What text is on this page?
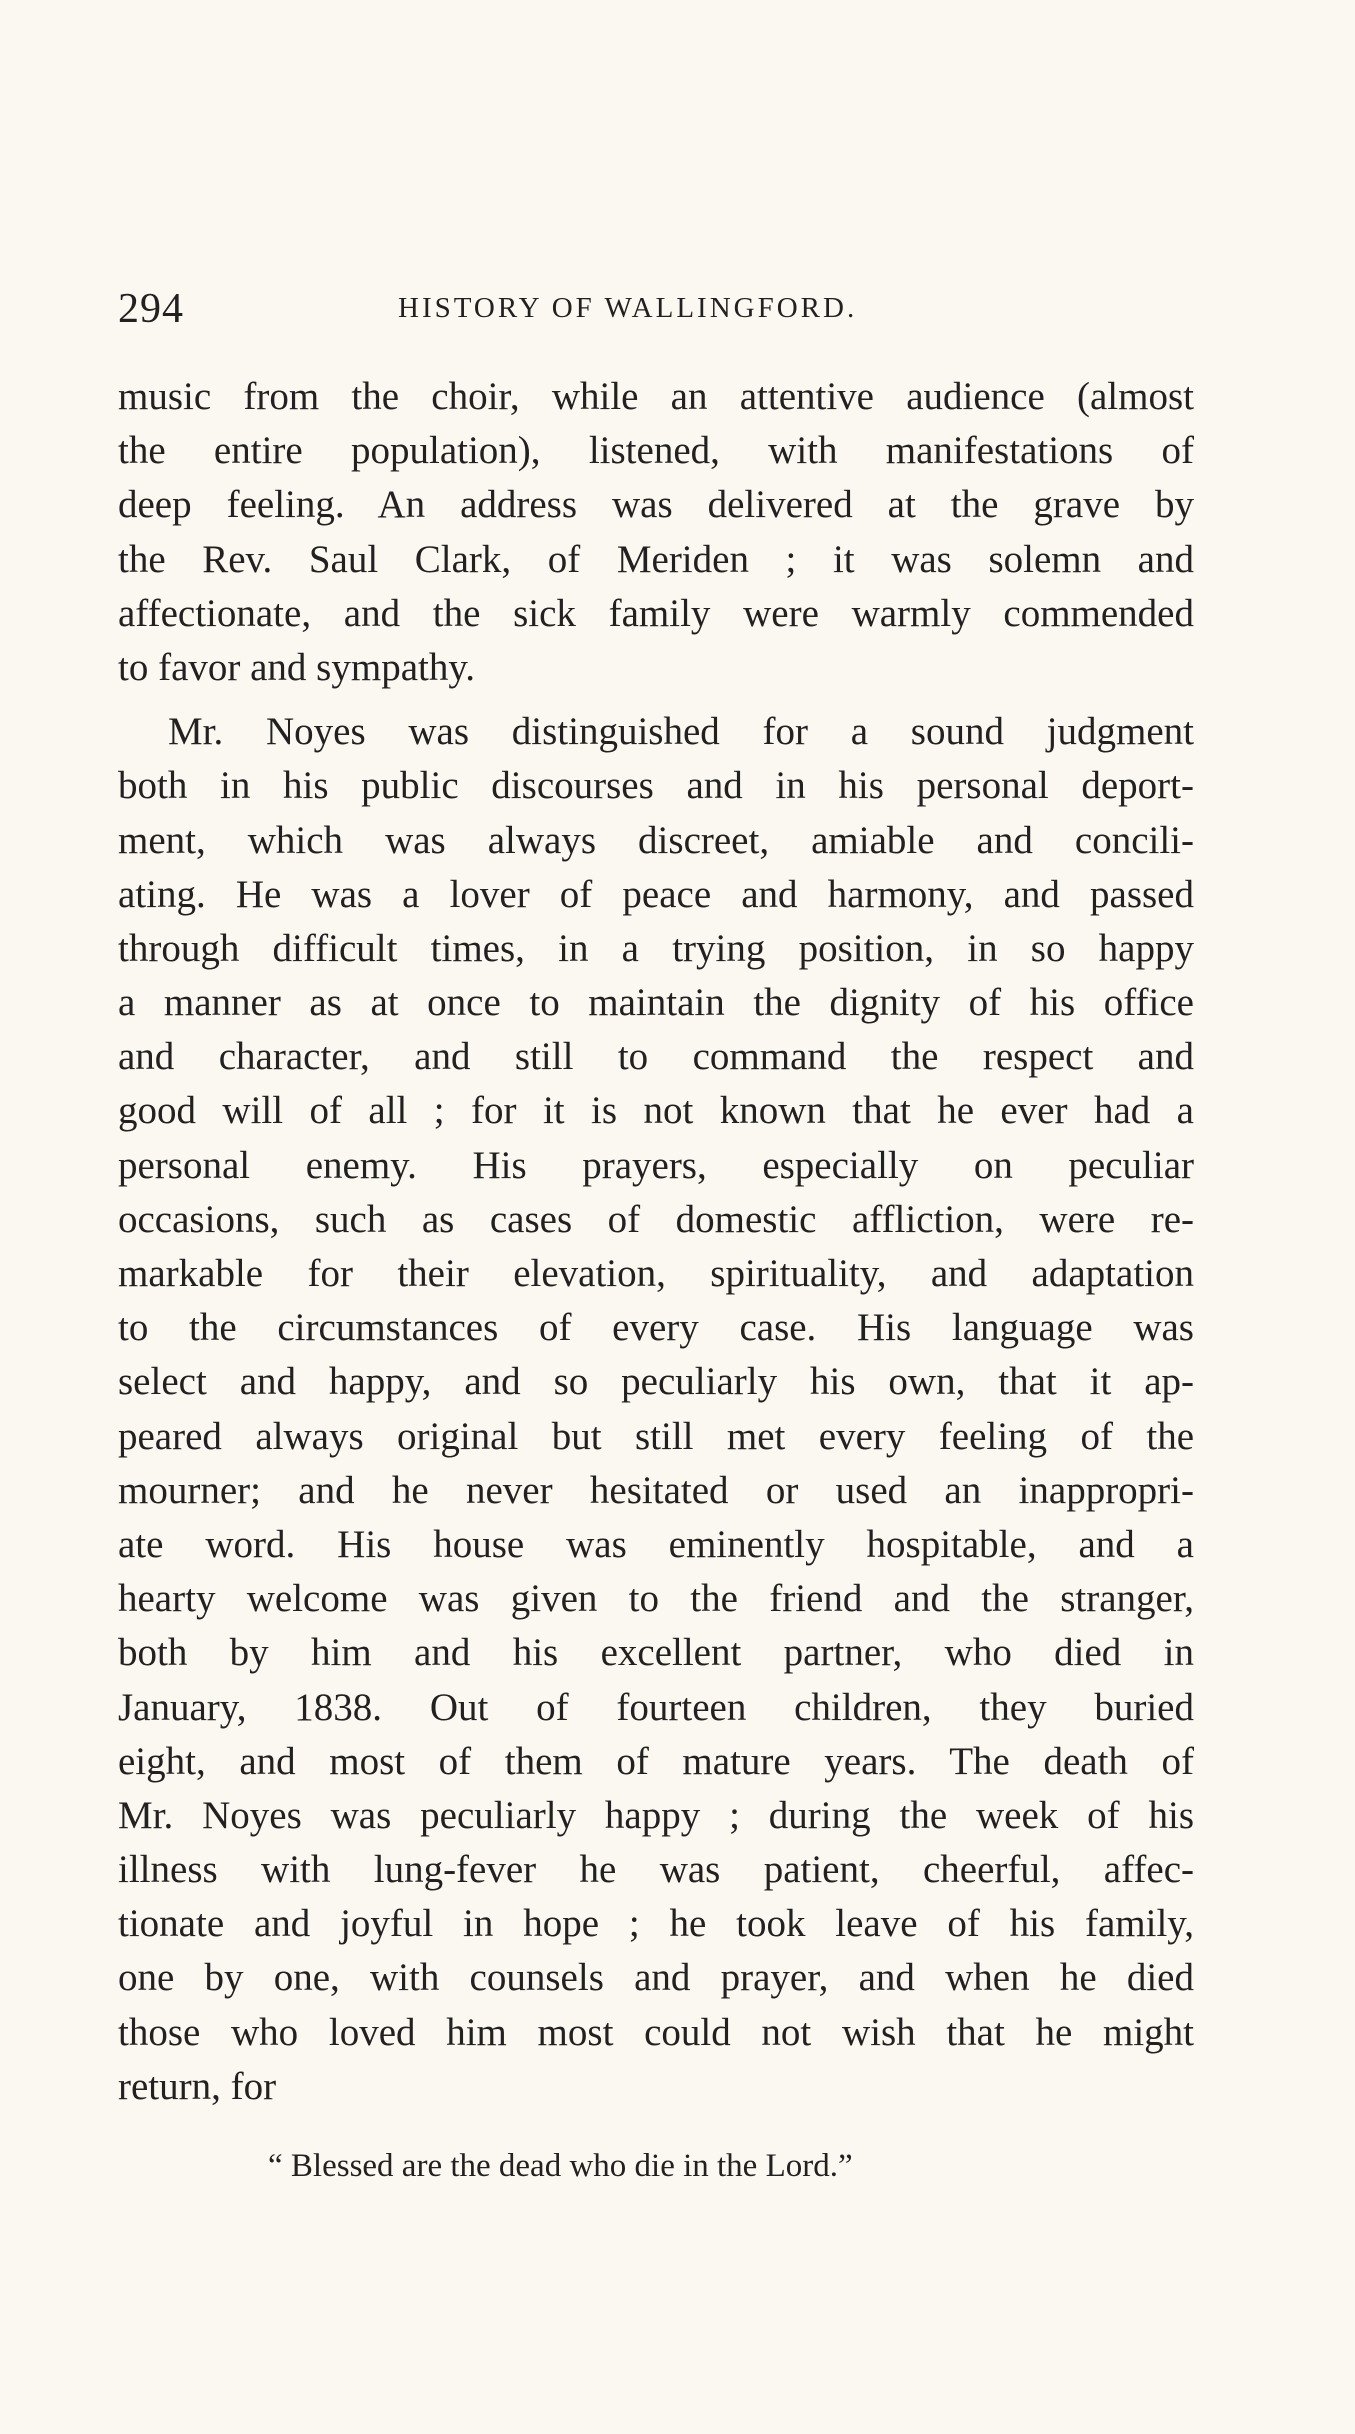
294	HISTORY OF WALLINGFORD.
music from the choir, while an attentive audience (almost
the entire population), listened, with manifestations of
deep feeling. An address was delivered at the grave by
the Rev. Saul Clark, of Meriden ; it was solemn and
affectionate, and the sick family were warmly commended
to favor and sympathy.
Mr. Noyes was distinguished for a sound judgment
both in his public discourses and in his personal deport-
ment, which was always discreet, amiable and concili-
ating. He was a lover of peace and harmony, and passed
through difficult times, in a trying position, in so happy
a manner as at once to maintain the dignity of his office
and character, and still to command the respect and
good will of all ; for it is not known that he ever had a
personal enemy. His prayers, especially on peculiar
occasions, such as cases of domestic affliction, were re-
markable for their elevation, spirituality, and adaptation
to the circumstances of every case. His language was
select and happy, and so peculiarly his own, that it ap-
peared always original but still met every feeling of the
mourner; and he never hesitated or used an inappropri-
ate word. His house was eminently hospitable, and a
hearty welcome was given to the friend and the stranger,
both by him and his excellent partner, who died in
January, 1838. Out of fourteen children, they buried
eight, and most of them of mature years. The death of
Mr. Noyes was peculiarly happy ; during the week of his
illness with lung-fever he was patient, cheerful, affec-
tionate and joyful in hope ; he took leave of his family,
one by one, with counsels and prayer, and when he died
those who loved him most could not wish that he might
return, for
“ Blessed are the dead who die in the Lord.”
